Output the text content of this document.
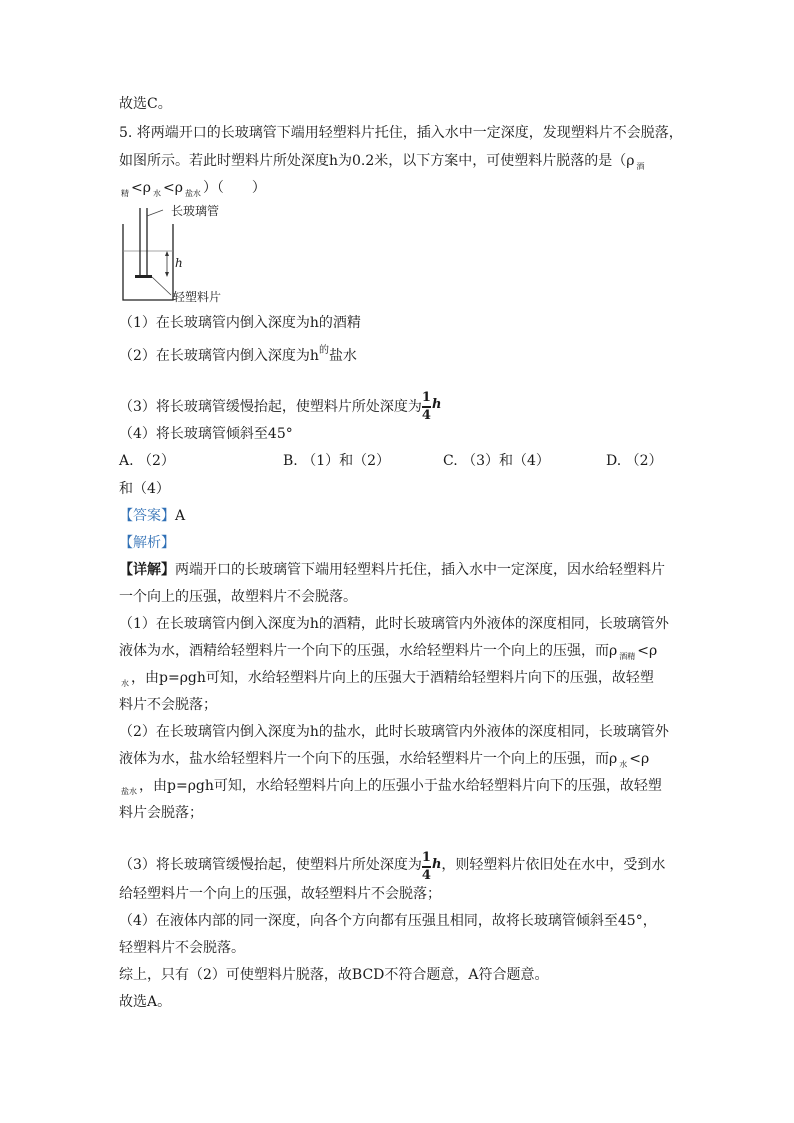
故选C。
5. 将两端开口的长玻璃管下端用轻塑料片托住，插入水中一定深度，发现塑料片不会脱落，
如图所示。若此时塑料片所处深度h为0.2米，以下方案中，可使塑料片脱落的是（ρ $_酒$
$_精$ <ρ $_水$ <ρ $_{盐水}$ ）（　　）
长玻璃管
h
轻塑料片
（1）在长玻璃管内倒入深度为h的酒精
（2）在长玻璃管内倒入深度为$h^的$盐水
（3）将长玻璃管缓慢抬起，使塑料片所处深度为 $\frac{1}{4}$ h
（4）将长玻璃管倾斜至45°
A. （2）	B. （1）和（2）	C. （3）和（4）	D. （2）
和（4）
【答案】A
【解析】
【详解】两端开口的长玻璃管下端用轻塑料片托住，插入水中一定深度，因水给轻塑料片
一个向上的压强，故塑料片不会脱落。
（1）在长玻璃管内倒入深度为h的酒精，此时长玻璃管内外液体的深度相同，长玻璃管外
液体为水，酒精给轻塑料片一个向下的压强，水给轻塑料片一个向上的压强，而ρ $_{酒精}$ <ρ
$_水$ ，由p=ρgh可知，水给轻塑料片向上的压强大于酒精给轻塑料片向下的压强，故轻塑
料片不会脱落；
（2）在长玻璃管内倒入深度为h的盐水，此时长玻璃管内外液体的深度相同，长玻璃管外
液体为水，盐水给轻塑料片一个向下的压强，水给轻塑料片一个向上的压强，而ρ $_水$ <ρ
$_{盐水}$ ，由p=ρgh可知，水给轻塑料片向上的压强小于盐水给轻塑料片向下的压强，故轻塑
料片会脱落；
（3）将长玻璃管缓慢抬起，使塑料片所处深度为 $\frac{1}{4}$ h ，则轻塑料片依旧处在水中，受到水
给轻塑料片一个向上的压强，故轻塑料片不会脱落；
（4）在液体内部的同一深度，向各个方向都有压强且相同，故将长玻璃管倾斜至45°，
轻塑料片不会脱落。
综上，只有（2）可使塑料片脱落，故BCD不符合题意，A符合题意。
故选A。
